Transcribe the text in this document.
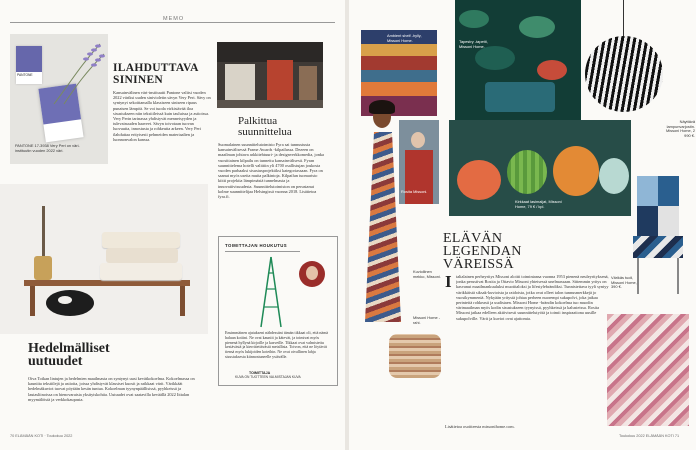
MEMO
PANTONE
PANTONE 17-3938 Very Peri on väri-instituutin vuoden 2022 väri.
ILAHDUTTAVA
SININEN
Kansainvälinen väri-instituutti Pantone valitsi vuoden 2022 väriksi uuden sinivioletin sävyn Very Peri. Sävy on syntynyt sekoittamalla klassiseen siniseen ripaus punaisen lämpöä. Se voi tuoda virkistävää iloa sisustukseen niin tekstiileissä kuin tauluissa ja astioissa. Very Perin tarinassa yhdistyvät menneisyyden ja tulevaisuuden haaveet. Sävyn toivotaan tuovan luovuutta, innostusta ja rohkeutta arkeen. Very Peri ilahduttaa erityisesti pehmeiden materiaalien ja luonnonvalon kanssa.
Palkittua
suunnittelua
Suomalainen suunnittelutoimisto Fyra sai tunnustusta kansainvälisessä Frame Awards -kilpailussa. Dezeen on maailman johtava arkkitehtuuri- ja designverkkomedia, jonka vuosittainen kilpailu on tunnettu kansainvälisesti. Fyran suunnittelema hotelli valittiin yli 4700 osallistujan joukosta vuoden parhaaksi sisustusprojektiksi kategoriassaan. Fyra on saanut myös useita muita palkintoja. Kilpailun tuomaristo kiitti projektia lämpimästä tunnelmasta ja innovatiivisuudesta. Suunnittelutoimiston on perustanut kolme suunnittelijaa Helsingissä vuonna 2018. Lisätietoa fyra.fi.
Hedelmälliset
uutuudet
Oiva Toikan lintujen ja hedelmien maailmasta on syntynyt uusi kevätkokoelma. Kokoelmassa on kauniita tekstiilejä ja astioita, joissa yhdistyvät klassiset kuosit ja raikkaat värit. Värikkäät hedelmäkuviot tuovat pöytään kesän tuntua. Kokoelman tyynynpäällisissä, pyyhkeissä ja lautasliinoissa on hienovaraisia yksityiskohtia. Uutuudet ovat saatavilla keväällä 2022 Iittalan myymälöistä ja verkkokaupasta.
TOIMITTAJAN HOUKUTUS
Ensimmäinen ajatukseni nähdessäni tämän tikkaat oli, että nämä haluan kotiini. Ne ovat kauniit ja kätevät, ja toimivat myös pienenä hyllynä kirjoille ja kasveille. Tikkaat ovat valmistettu kestävästä ja kierrätettävästä metallista. Toivon, että ne löytävät tiensä myös lukijoiden koteihin. Ne ovat oivallinen lahja sisustuksesta kiinnostuneelle ystävälle.
TOIMITTAJA
KUVA ON TUOTTEEN VALMISTAJAN KUVA
70 ELÄMÄÄN KOTI · Toukokuu 2022
Ambient shelf -hylly, Missoni Home.	Tapestry -tapetti, Missoni Home.
Näyttävä lampunvarjostin. Missoni Home, 2 990 €.
Rosita Missoni.
Kirkkaat lasimaljat, Missoni Home, 79 € / kpl.
Kuviollinen mekko, Missoni.
Missoni Home -rahi.
Värikäs tuoli, Missoni Home, 390 €.
ELÄVÄN
LEGENDAN
VÄREISSÄ
I talialainen perheyritys Missoni aloitti toimintansa vuonna 1953 pienenä neuleyrityksenä, jonka perustivat Rosita ja Ottavio Missoni yhteisessä unelmassaan. Sittemmin yritys on kasvanut maailmankuuluksi muotitaloksi ja lifestylebrändiksi. Tunnistettava tyyli syntyy värikkäistä siksak-kuvioista ja raidoista, jotka ovat olleet talon tunnusmerkkejä jo vuosikymmeniä. Nykyään yritystä johtaa perheen nuorempi sukupolvi, joka jatkaa perinteitä rohkeasti ja uudistaen. Missoni Home -brändin kokoelma tuo muodin värimaailman myös kodin sisustukseen tyynyissä, pyyhkeissä ja kalusteissa. Rosita Missoni jatkaa edelleen aktiivisesti suunnittelutyötä ja toimii inspiraationa uusille sukupolville. Värit ja kuviot ovat ajattomia.
Lisätietoa osoitteesta missonihome.com.
Toukokuu 2022 ELÄMÄÄN KOTI 71
